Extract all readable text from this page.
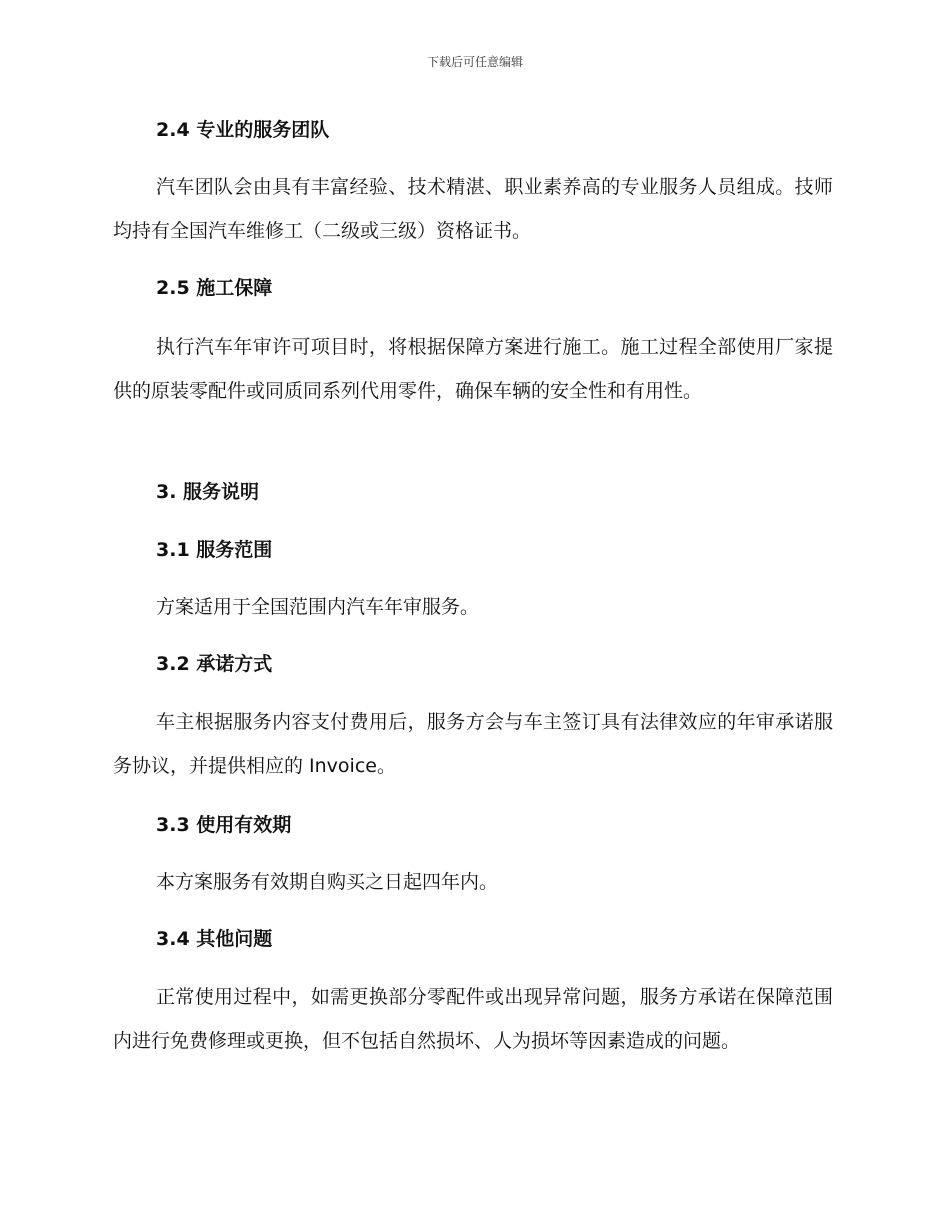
下载后可任意编辑
2.4 专业的服务团队
汽车团队会由具有丰富经验、技术精湛、职业素养高的专业服务人员组成。技师均持有全国汽车维修工（二级或三级）资格证书。
2.5 施工保障
执行汽车年审许可项目时，将根据保障方案进行施工。施工过程全部使用厂家提供的原装零配件或同质同系列代用零件，确保车辆的安全性和有用性。
3. 服务说明
3.1 服务范围
方案适用于全国范围内汽车年审服务。
3.2 承诺方式
车主根据服务内容支付费用后，服务方会与车主签订具有法律效应的年审承诺服务协议，并提供相应的 Invoice。
3.3 使用有效期
本方案服务有效期自购买之日起四年内。
3.4 其他问题
正常使用过程中，如需更换部分零配件或出现异常问题，服务方承诺在保障范围内进行免费修理或更换，但不包括自然损坏、人为损坏等因素造成的问题。
